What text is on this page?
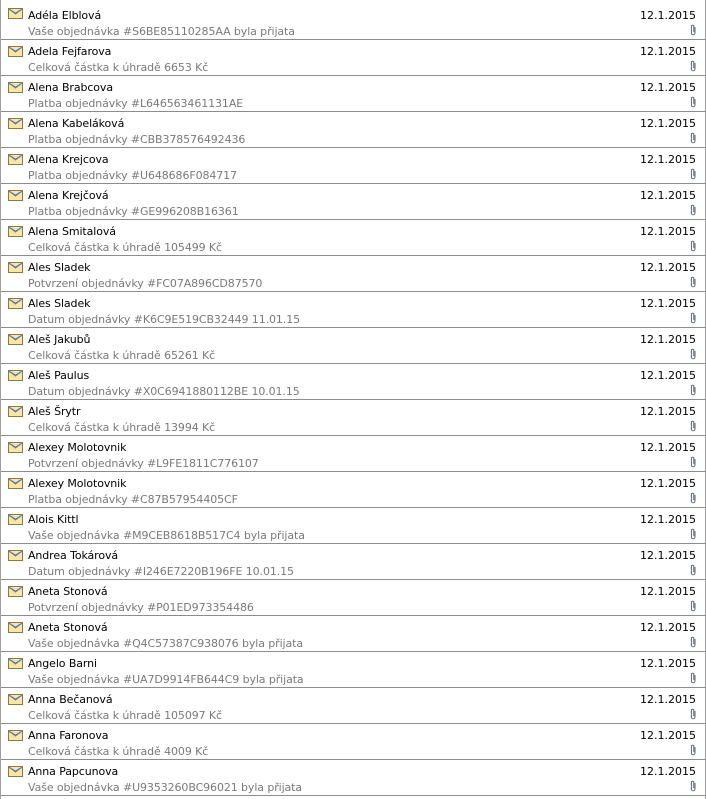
Adéla Elblová
Vaše objednávka #S6BE85110285AA byla přijata
12.1.2015
Adela Fejfarova
Celková částka k úhradě 6653 Kč
12.1.2015
Alena Brabcova
Platba objednávky #L646563461131AE
12.1.2015
Alena Kabeláková
Platba objednávky #CBB378576492436
12.1.2015
Alena Krejcova
Platba objednávky #U648686F084717
12.1.2015
Alena Krejčová
Platba objednávky #GE996208B16361
12.1.2015
Alena Smitalová
Celková částka k úhradě 105499 Kč
12.1.2015
Ales Sladek
Potvrzení objednávky #FC07A896CD87570
12.1.2015
Ales Sladek
Datum objednávky #K6C9E519CB32449 11.01.15
12.1.2015
Aleš Jakubů
Celková částka k úhradě 65261 Kč
12.1.2015
Aleš Paulus
Datum objednávky #X0C6941880112BE 10.01.15
12.1.2015
Aleš Šrytr
Celková částka k úhradě 13994 Kč
12.1.2015
Alexey Molotovnik
Potvrzení objednávky #L9FE1811C776107
12.1.2015
Alexey Molotovnik
Platba objednávky #C87B57954405CF
12.1.2015
Alois Kittl
Vaše objednávka #M9CEB8618B517C4 byla přijata
12.1.2015
Andrea Tokárová
Datum objednávky #I246E7220B196FE 10.01.15
12.1.2015
Aneta Stonová
Potvrzení objednávky #P01ED973354486
12.1.2015
Aneta Stonová
Vaše objednávka #Q4C57387C938076 byla přijata
12.1.2015
Angelo Barni
Vaše objednávka #UA7D9914FB644C9 byla přijata
12.1.2015
Anna Bečanová
Celková částka k úhradě 105097 Kč
12.1.2015
Anna Faronova
Celková částka k úhradě 4009 Kč
12.1.2015
Anna Papcunova
Vaše objednávka #U9353260BC96021 byla přijata
12.1.2015
